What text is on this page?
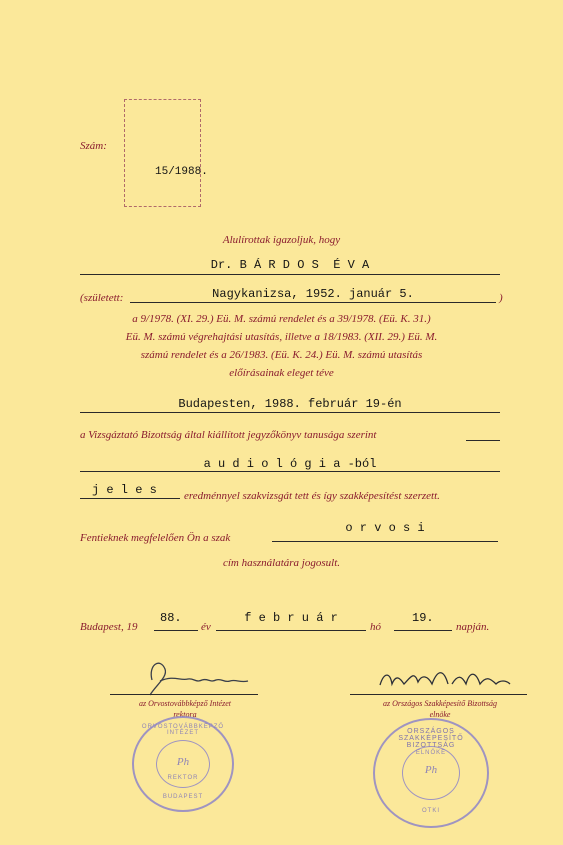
Szám:
15/1988.
Alulírottak igazoljuk, hogy
Dr. B Á R D O S  É V A
(született:	Nagykanizsa, 1952. január 5.	)
a 9/1978. (XI. 29.) Eü. M. számú rendelet és a 39/1978. (Eü. K. 31.)
Eü. M. számú végrehajtási utasítás, illetve a 18/1983. (XII. 29.) Eü. M.
számú rendelet és a 26/1983. (Eü. K. 24.) Eü. M. számú utasítás
előírásainak eleget téve
Budapesten, 1988. február 19-én
a Vizsgáztató Bizottság által kiállított jegyzőkönyv tanusága szerint
a u d i o l ó g i a -ból
j e l e s eredménnyel szakvizsgát tett és így szakképesítést szerzett.
Fentieknek megfelelően Ön a szak
o r v o s i
cím használatára jogosult.
Budapest, 19
88.
év
f e b r u á r
hó
19.
napján.
az Orvostovábbképző Intézet
rektora
az Országos Szakképesítő Bizottság
elnöke
ORVOSTOVÁBBKÉPZŐ INTÉZET
Ph
REKTOR
BUDAPEST
ORSZÁGOS SZAKKÉPESÍTŐ BIZOTTSÁG
ELNÖKE
Ph
OTKI
